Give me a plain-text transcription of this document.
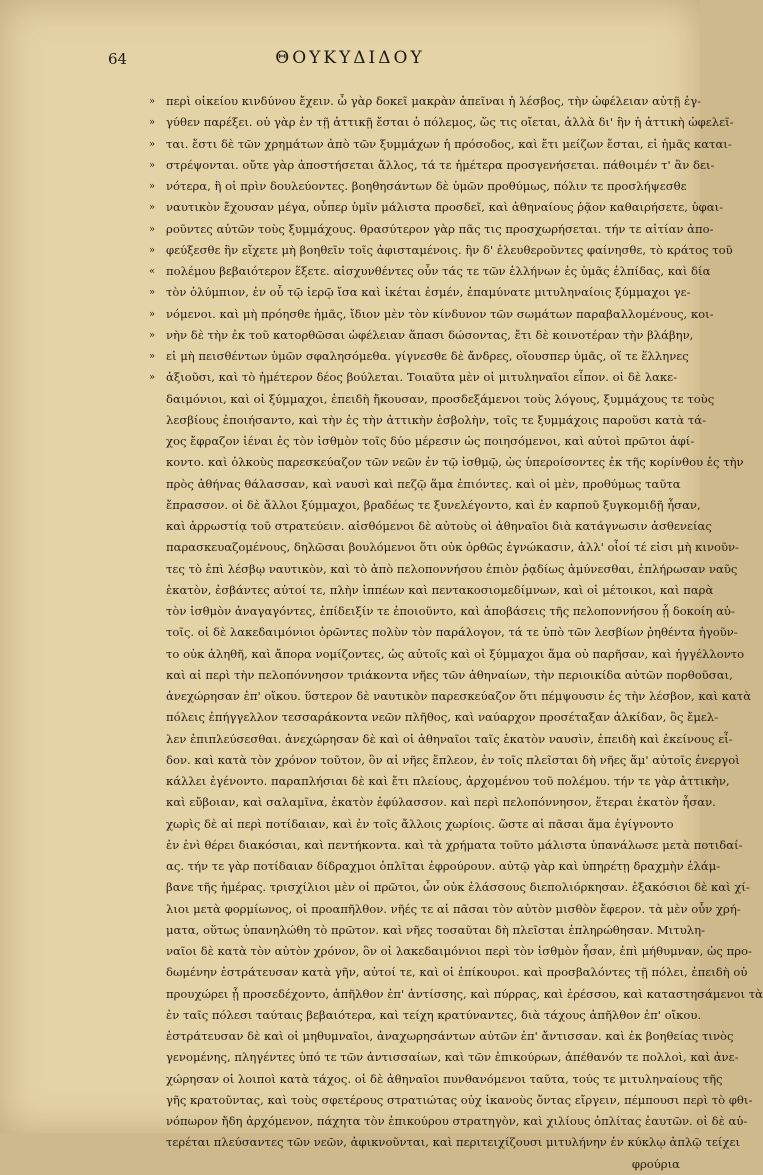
64	ΘΟΥΚΥΔΙΔΟΥ
» περὶ οἰκείου κινδύνου ἔχειν. ὦ γὰρ δοκεῖ μακρὰν ἀπεῖναι ἡ λέσβος, τὴν ὠφέλειαν αὐτῇ ἐγ-
» γύθεν παρέξει. οὐ γὰρ ἐν τῇ ἀττικῇ ἔσται ὁ πόλεμος, ὥς τις οἴεται, ἀλλὰ δι' ἣν ἡ ἀττικὴ ὠφελεῖ-
» ται. ἔστι δὲ τῶν χρημάτων ἀπὸ τῶν ξυμμάχων ἡ πρόσοδος, καὶ ἔτι μείζων ἔσται, εἰ ἡμᾶς καται-
» στρέψονται. οὔτε γὰρ ἀποστήσεται ἄλλος, τά τε ἡμέτερα προσγενήσεται. πάθοιμέν τ' ἂν δει-
» νότερα, ἢ οἱ πρὶν δουλεύοντες. βοηθησάντων δὲ ὑμῶν προθύμως, πόλιν τε προσλήψεσθε
» ναυτικὸν ἔχουσαν μέγα, οὗπερ ὑμῖν μάλιστα προσδεῖ, καὶ ἀθηναίους ῥᾷον καθαιρήσετε, ὑφαι-
» ροῦντες αὐτῶν τοὺς ξυμμάχους. θρασύτερον γὰρ πᾶς τις προσχωρήσεται. τήν τε αἰτίαν ἀπο-
» φεύξεσθε ἣν εἴχετε μὴ βοηθεῖν τοῖς ἀφισταμένοις. ἢν δ' ἐλευθεροῦντες φαίνησθε, τὸ κράτος τοῦ
« πολέμου βεβαιότερον ἕξετε. αἰσχυνθέντες οὖν τάς τε τῶν ἑλλήνων ἐς ὑμᾶς ἐλπίδας, καὶ δία
» τὸν ὀλύμπιον, ἐν οὗ τῷ ἱερῷ ἴσα καὶ ἱκέται ἐσμέν, ἐπαμύνατε μιτυληναίοις ξύμμαχοι γε-
» νόμενοι. καὶ μὴ πρόησθε ἡμᾶς, ἴδιον μὲν τὸν κίνδυνον τῶν σωμάτων παραβαλλομένους, κοι-
» νὴν δὲ τὴν ἐκ τοῦ κατορθῶσαι ὠφέλειαν ἅπασι δώσοντας, ἔτι δὲ κοινοτέραν τὴν βλάβην,
» εἰ μὴ πεισθέντων ὑμῶν σφαλησόμεθα. γίγνεσθε δὲ ἄνδρες, οἵουσπερ ὑμᾶς, οἵ τε ἕλληνες
» ἀξιοῦσι, καὶ τὸ ἡμέτερον δέος βούλεται. Τοιαῦτα μὲν οἱ μιτυληναῖοι εἶπον. οἱ δὲ λακε-
δαιμόνιοι, καὶ οἱ ξύμμαχοι, ἐπειδὴ ἤκουσαν, προσδεξάμενοι τοὺς λόγους, ξυμμάχους τε τοὺς
λεσβίους ἐποιήσαντο, καὶ τὴν ἐς τὴν ἀττικὴν ἐσβολὴν, τοῖς τε ξυμμάχοις παροῦσι κατὰ τά-
χος ἔφραζον ἰέναι ἐς τὸν ἰσθμὸν τοῖς δύο μέρεσιν ὡς ποιησόμενοι, καὶ αὐτοὶ πρῶτοι ἀφί-
κοντο. καὶ ὁλκοὺς παρεσκεύαζον τῶν νεῶν ἐν τῷ ἰσθμῷ, ὡς ὑπεροίσοντες ἐκ τῆς κορίνθου ἐς τὴν
πρὸς ἀθήνας θάλασσαν, καὶ ναυσὶ καὶ πεζῷ ἅμα ἐπιόντες. καὶ οἱ μὲν, προθύμως ταῦτα
ἔπρασσον. οἱ δὲ ἄλλοι ξύμμαχοι, βραδέως τε ξυνελέγοντο, καὶ ἐν καρποῦ ξυγκομιδῇ ἦσαν,
καὶ ἀρρωστίᾳ τοῦ στρατεύειν. αἰσθόμενοι δὲ αὐτοὺς οἱ ἀθηναῖοι διὰ κατάγνωσιν ἀσθενείας
παρασκευαζομένους, δηλῶσαι βουλόμενοι ὅτι οὐκ ὀρθῶς ἐγνώκασιν, ἀλλ' οἷοί τέ εἰσι μὴ κινοῦν-
τες τὸ ἐπὶ λέσβῳ ναυτικὸν, καὶ τὸ ἀπὸ πελοποννήσου ἐπιὸν ῥᾳδίως ἀμύνεσθαι, ἐπλήρωσαν ναῦς
ἑκατὸν, ἐσβάντες αὐτοί τε, πλὴν ἱππέων καὶ πεντακοσιομεδίμνων, καὶ οἱ μέτοικοι, καὶ παρὰ
τὸν ἰσθμὸν ἀναγαγόντες, ἐπίδειξίν τε ἐποιοῦντο, καὶ ἀποβάσεις τῆς πελοποννήσου ᾗ δοκοίη αὐ-
τοῖς. οἱ δὲ λακεδαιμόνιοι ὁρῶντες πολὺν τὸν παράλογον, τά τε ὑπὸ τῶν λεσβίων ῥηθέντα ἡγοῦν-
το οὐκ ἀληθῆ, καὶ ἄπορα νομίζοντες, ὡς αὐτοῖς καὶ οἱ ξύμμαχοι ἅμα οὐ παρῆσαν, καὶ ἠγγέλλοντο
καὶ αἱ περὶ τὴν πελοπόννησον τριάκοντα νῆες τῶν ἀθηναίων, τὴν περιοικίδα αὐτῶν πορθοῦσαι,
ἀνεχώρησαν ἐπ' οἴκου. ὕστερον δὲ ναυτικὸν παρεσκεύαζον ὅτι πέμψουσιν ἐς τὴν λέσβον, καὶ κατὰ
πόλεις ἐπήγγελλον τεσσαράκοντα νεῶν πλῆθος, καὶ ναύαρχον προσέταξαν ἀλκίδαν, ὃς ἔμελ-
λεν ἐπιπλεύσεσθαι. ἀνεχώρησαν δὲ καὶ οἱ ἀθηναῖοι ταῖς ἑκατὸν ναυσὶν, ἐπειδὴ καὶ ἐκείνους εἶ-
δον. καὶ κατὰ τὸν χρόνον τοῦτον, ὃν αἱ νῆες ἔπλεον, ἐν τοῖς πλεῖσται δὴ νῆες ἅμ' αὐτοῖς ἐνεργοὶ
κάλλει ἐγένοντο. παραπλήσιαι δὲ καὶ ἔτι πλείους, ἀρχομένου τοῦ πολέμου. τήν τε γὰρ ἀττικὴν,
καὶ εὔβοιαν, καὶ σαλαμῖνα, ἑκατὸν ἐφύλασσον. καὶ περὶ πελοπόννησον, ἕτεραι ἑκατὸν ἦσαν.
χωρὶς δὲ αἱ περὶ ποτίδαιαν, καὶ ἐν τοῖς ἄλλοις χωρίοις. ὥστε αἱ πᾶσαι ἅμα ἐγίγνοντο
ἐν ἑνὶ θέρει διακόσιαι, καὶ πεντήκοντα. καὶ τὰ χρήματα τοῦτο μάλιστα ὑπανάλωσε μετὰ ποτιδαί-
ας. τήν τε γὰρ ποτίδαιαν δίδραχμοι ὁπλῖται ἐφρούρουν. αὐτῷ γὰρ καὶ ὑπηρέτῃ δραχμὴν ἐλάμ-
βανε τῆς ἡμέρας. τρισχίλιοι μὲν οἱ πρῶτοι, ὧν οὐκ ἐλάσσους διεπολιόρκησαν. ἑξακόσιοι δὲ καὶ χί-
λιοι μετὰ φορμίωνος, οἱ προαπῆλθον. νῆές τε αἱ πᾶσαι τὸν αὐτὸν μισθὸν ἔφερον. τὰ μὲν οὖν χρή-
ματα, οὕτως ὑπανηλώθη τὸ πρῶτον. καὶ νῆες τοσαῦται δὴ πλεῖσται ἐπληρώθησαν. Μιτυλη-
ναῖοι δὲ κατὰ τὸν αὐτὸν χρόνον, ὃν οἱ λακεδαιμόνιοι περὶ τὸν ἰσθμὸν ἦσαν, ἐπὶ μήθυμναν, ὡς προ-
δωμένην ἐστράτευσαν κατὰ γῆν, αὐτοί τε, καὶ οἱ ἐπίκουροι. καὶ προσβαλόντες τῇ πόλει, ἐπειδὴ οὐ
προυχώρει ᾗ προσεδέχοντο, ἀπῆλθον ἐπ' ἀντίσσης, καὶ πύρρας, καὶ ἐρέσσου, καὶ καταστησάμενοι τὰ
ἐν ταῖς πόλεσι ταύταις βεβαιότερα, καὶ τείχη κρατύναντες, διὰ τάχους ἀπῆλθον ἐπ' οἴκου.
ἐστράτευσαν δὲ καὶ οἱ μηθυμναῖοι, ἀναχωρησάντων αὐτῶν ἐπ' ἄντισσαν. καὶ ἐκ βοηθείας τινὸς
γενομένης, πληγέντες ὑπό τε τῶν ἀντισσαίων, καὶ τῶν ἐπικούρων, ἀπέθανόν τε πολλοὶ, καὶ ἀνε-
χώρησαν οἱ λοιποὶ κατὰ τάχος. οἱ δὲ ἀθηναῖοι πυνθανόμενοι ταῦτα, τούς τε μιτυληναίους τῆς
γῆς κρατοῦντας, καὶ τοὺς σφετέρους στρατιώτας οὐχ ἱκανοὺς ὄντας εἴργειν, πέμπουσι περὶ τὸ φθι-
νόπωρον ἤδη ἀρχόμενον, πάχητα τὸν ἐπικούρου στρατηγὸν, καὶ χιλίους ὁπλίτας ἑαυτῶν. οἱ δὲ αὐ-
τερέται πλεύσαντες τῶν νεῶν, ἀφικνοῦνται, καὶ περιτειχίζουσι μιτυλήνην ἐν κύκλῳ ἁπλῷ τείχει
φρούρια
